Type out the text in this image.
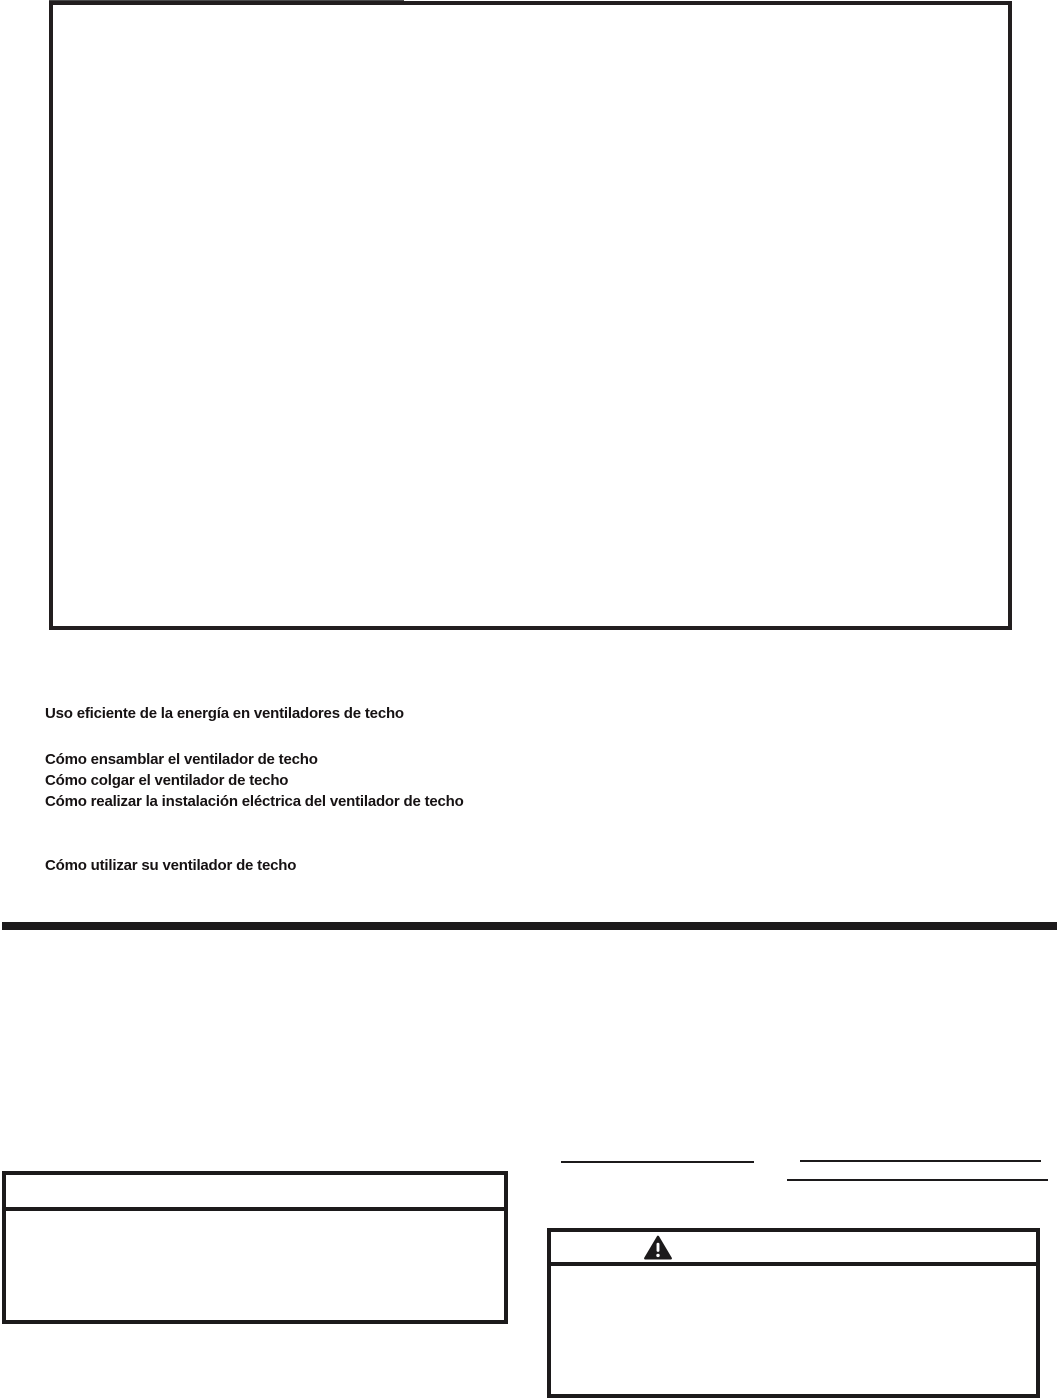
Uso eficiente de la energía en ventiladores de techo
Cómo ensamblar el ventilador de techo
Cómo colgar el ventilador de techo
Cómo realizar la instalación eléctrica del ventilador de techo
Cómo utilizar su ventilador de techo
